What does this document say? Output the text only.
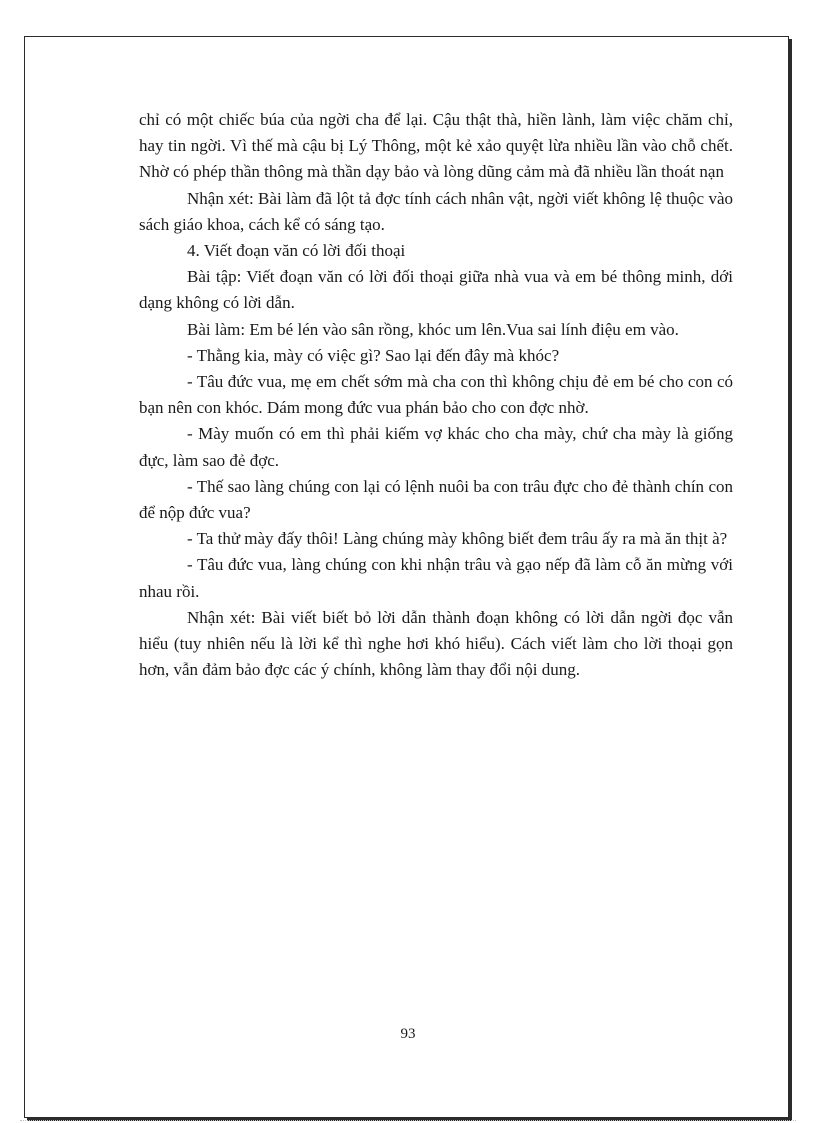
chỉ có một chiếc búa của ngời cha để lại. Cậu thật thà, hiền lành, làm việc chăm chỉ, hay tin ngời. Vì thế mà cậu bị Lý Thông, một kẻ xảo quyệt lừa nhiều lần vào chỗ chết. Nhờ có phép thần thông mà thần dạy bảo và lòng dũng cảm mà đã nhiều lần thoát nạn

Nhận xét: Bài làm đã lột tả đợc tính cách nhân vật, ngời viết không lệ thuộc vào sách giáo khoa, cách kể có sáng tạo.

4. Viết đoạn văn có lời đối thoại

Bài tập: Viết đoạn văn có lời đối thoại giữa nhà vua và em bé thông minh, dới dạng không có lời dẫn.

Bài làm: Em bé lén vào sân rồng, khóc um lên.Vua sai lính điệu em vào.

- Thằng kia, mày có việc gì? Sao lại đến đây mà khóc?

- Tâu đức vua, mẹ em chết sớm mà cha con thì không chịu đẻ em bé cho con có bạn nên con khóc. Dám mong đức vua phán bảo cho con đợc nhờ.

- Mày muốn có em thì phải kiếm vợ khác cho cha mày, chứ cha mày là giống đực, làm sao đẻ đợc.

- Thế sao làng chúng con lại có lệnh nuôi ba con trâu đực cho đẻ thành chín con để nộp đức vua?

- Ta thử mày đấy thôi! Làng chúng mày không biết đem trâu ấy ra mà ăn thịt à?

- Tâu đức vua, làng chúng con khi nhận trâu và gạo nếp đã làm cỗ ăn mừng với nhau rồi.

Nhận xét: Bài viết biết bỏ lời dẫn thành đoạn không có lời dẫn ngời đọc vẫn hiểu (tuy nhiên nếu là lời kể thì nghe hơi khó hiểu). Cách viết làm cho lời thoại gọn hơn, vẫn đảm bảo đợc các ý chính, không làm thay đổi nội dung.

93
